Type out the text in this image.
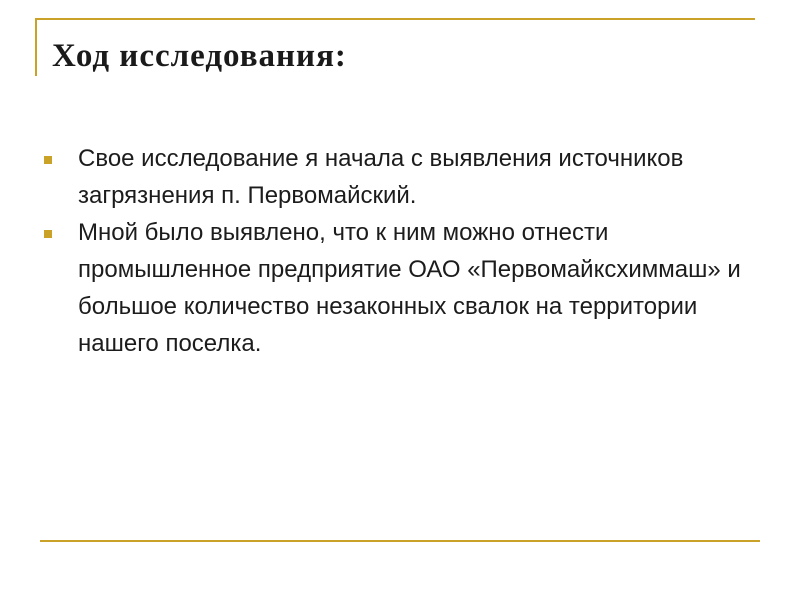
Ход исследования:
Свое исследование я начала с выявления источников загрязнения п. Первомайский.
Мной было выявлено, что к ним можно отнести промышленное предприятие ОАО «Первомайксхиммаш» и большое количество незаконных свалок на территории нашего поселка.
